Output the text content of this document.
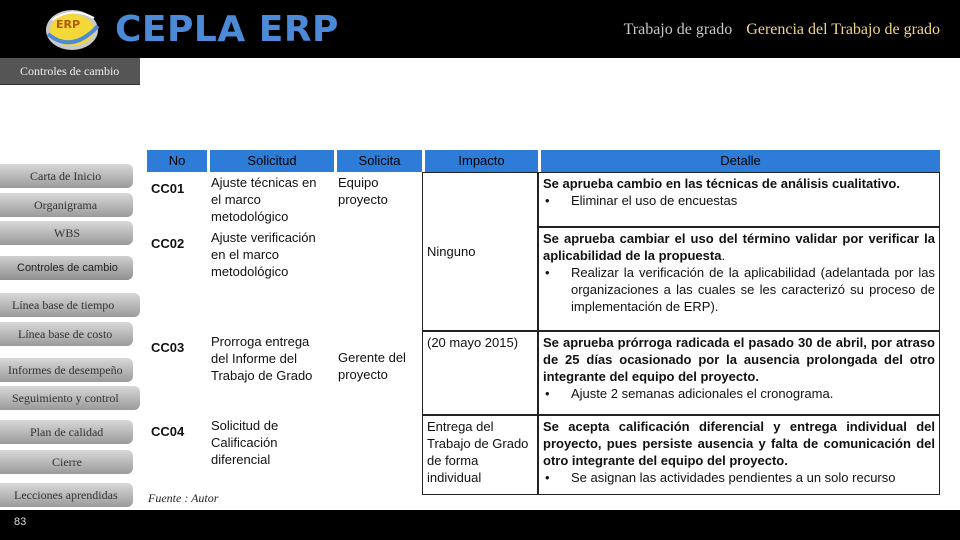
ERP CEPLA ERP	Trabajo de grado Gerencia del Trabajo de grado
Controles de cambio
Carta de Inicio
Organigrama
WBS
Controles de cambio
Línea base de tiempo
Línea base de costo
Informes de desempeño
Seguimiento y control
Plan de calidad
Cierre
Lecciones aprendidas
No	Solicitud	Solicita	Impacto	Detalle
CC01	Ajuste técnicas en el marco metodológico	Equipo proyecto	Ninguno	Se aprueba cambio en las técnicas de análisis cualitativo.
• Eliminar el uso de encuestas

CC02	Ajuste verificación en el marco metodológico			Se aprueba cambiar el uso del término validar por verificar la aplicabilidad de la propuesta.
• Realizar la verificación de la aplicabilidad (adelantada por las organizaciones a las cuales se les caracterizó su proceso de implementación de ERP).

CC03	Prorroga entrega del Informe del Trabajo de Grado	Gerente del proyecto	(20 mayo 2015)	Se aprueba prórroga radicada el pasado 30 de abril, por atraso de 25 días ocasionado por la ausencia prolongada del otro integrante del equipo del proyecto.
• Ajuste 2 semanas adicionales el cronograma.

CC04	Solicitud de Calificación diferencial		Entrega del Trabajo de Grado de forma individual	Se acepta calificación diferencial y entrega individual del proyecto, pues persiste ausencia y falta de comunicación del otro integrante del equipo del proyecto.
• Se asignan las actividades pendientes a un solo recurso
Fuente : Autor
83
